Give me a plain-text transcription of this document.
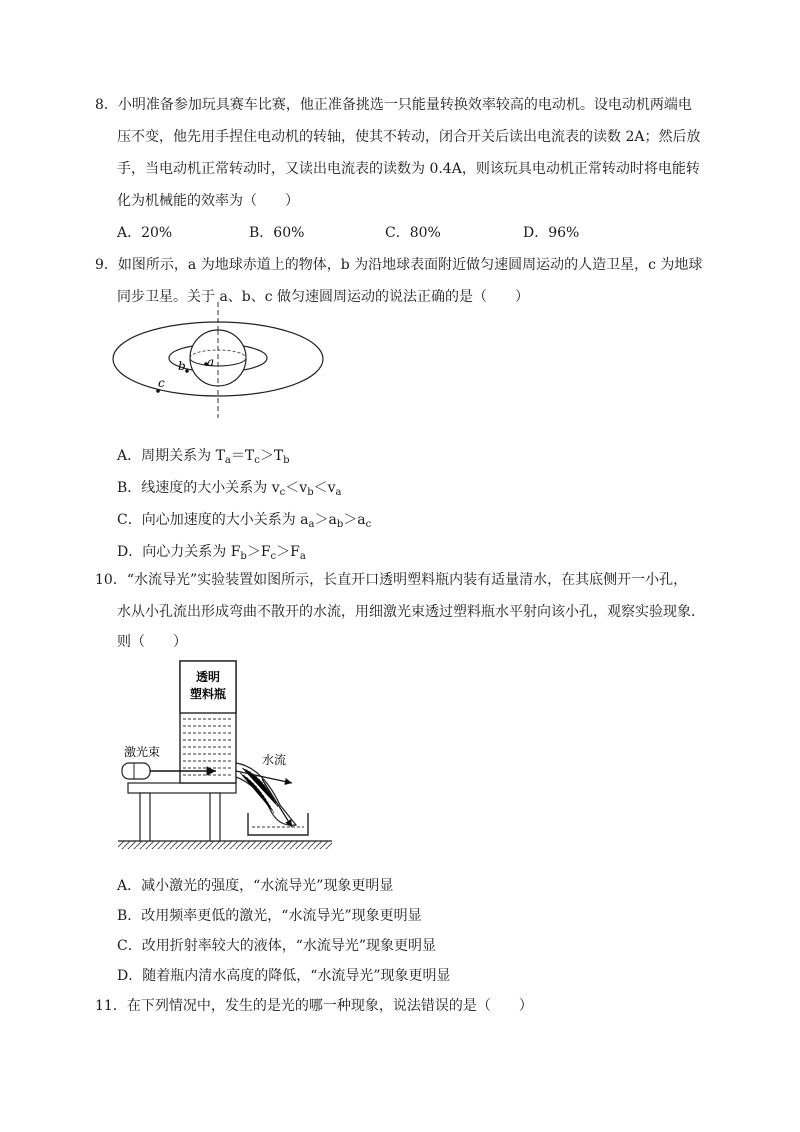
8．小明准备参加玩具赛车比赛，他正准备挑选一只能量转换效率较高的电动机。设电动机两端电
压不变，他先用手捏住电动机的转轴，使其不转动，闭合开关后读出电流表的读数 2A；然后放
手，当电动机正常转动时，又读出电流表的读数为 0.4A，则该玩具电动机正常转动时将电能转
化为机械能的效率为（　　）
A．20%	B．60%	C．80%	D．96%
9．如图所示，a 为地球赤道上的物体，b 为沿地球表面附近做匀速圆周运动的人造卫星，c 为地球
同步卫星。关于 a、b、c 做匀速圆周运动的说法正确的是（　　）
a
b
c
A．周期关系为 $T_a=T_c>T_b$
B．线速度的大小关系为 $v_c<v_b<v_a$
C．向心加速度的大小关系为 $a_a>a_b>a_c$
D．向心力关系为 $F_b>F_c>F_a$
10．“水流导光”实验装置如图所示，长直开口透明塑料瓶内装有适量清水，在其底侧开一小孔，
水从小孔流出形成弯曲不散开的水流，用细激光束透过塑料瓶水平射向该小孔，观察实验现象．
则（　　）
透明
塑料瓶
激光束
水流
A．减小激光的强度，“水流导光”现象更明显
B．改用频率更低的激光，“水流导光”现象更明显
C．改用折射率较大的液体，“水流导光”现象更明显
D．随着瓶内清水高度的降低，“水流导光”现象更明显
11．在下列情况中，发生的是光的哪一种现象，说法错误的是（　　）
